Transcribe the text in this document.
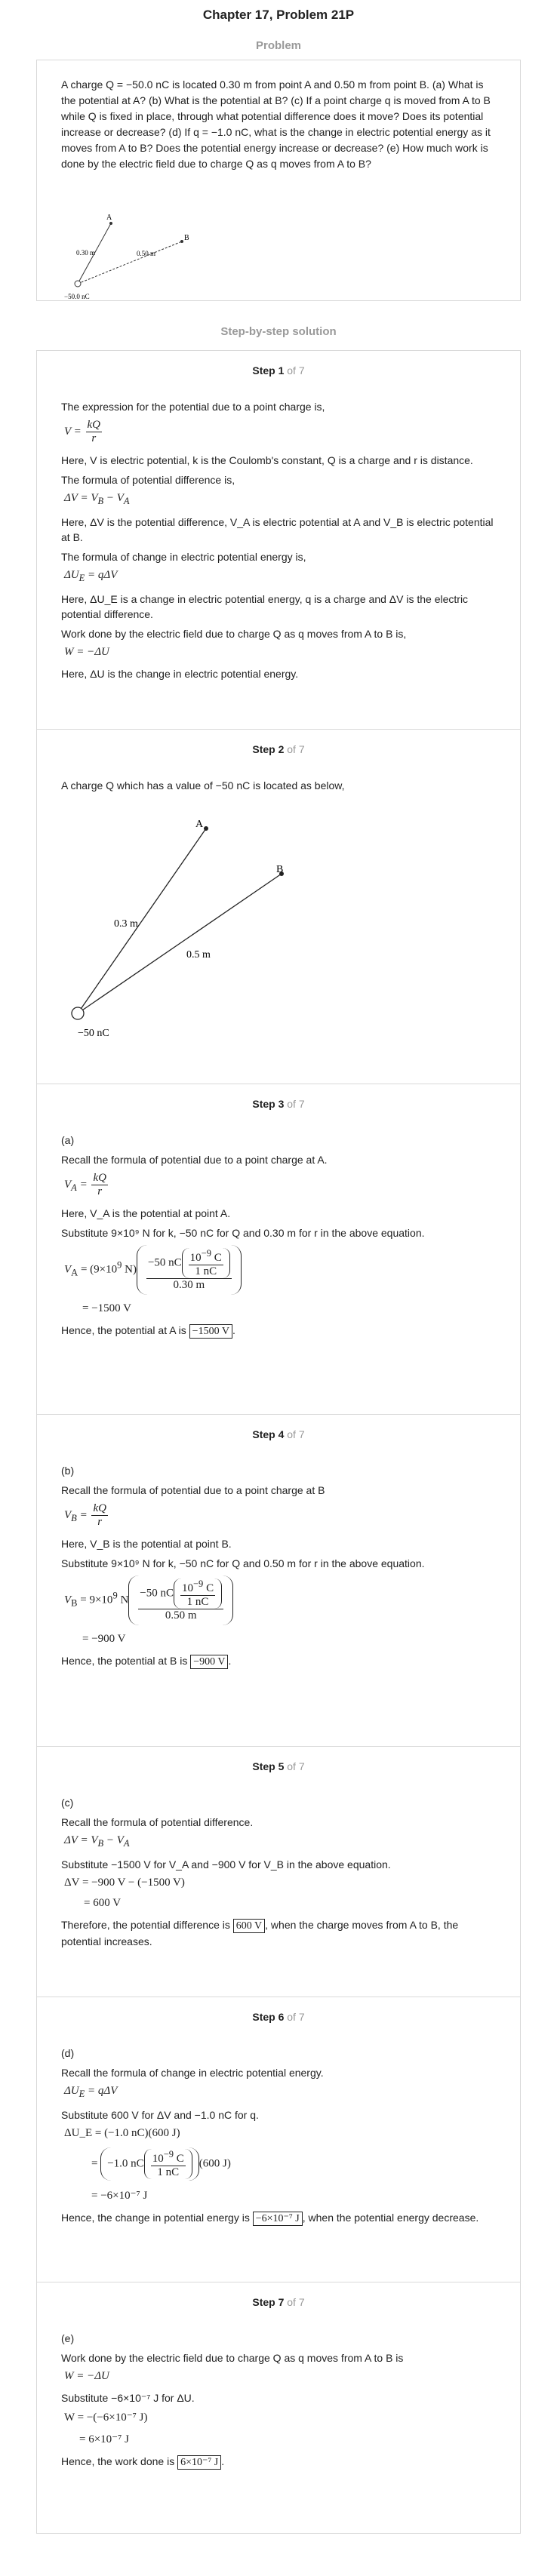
Chapter 17, Problem 21P
Problem

A charge Q = −50.0 nC is located 0.30 m from point A and 0.50 m from point B. (a) What is the potential at A? (b) What is the potential at B? (c) If a point charge q is moved from A to B while Q is fixed in place, through what potential difference does it move? Does its potential increase or decrease? (d) If q = −1.0 nC, what is the change in electric potential energy as it moves from A to B? Does the potential energy increase or decrease? (e) How much work is done by the electric field due to charge Q as q moves from A to B?

A
B
0.30 m	0.50 m
−50.0 nC
Step-by-step solution
Step 1 of 7
The expression for the potential due to a point charge is,
$V = \frac{kQ}{r}$
Here, V is electric potential, k is the Coulomb's constant, Q is a charge and r is distance.
The formula of potential difference is,
$\Delta V = V_B - V_A$
Here, ΔV is the potential difference, V_A is electric potential at A and V_B is electric potential at B.
The formula of change in electric potential energy is,
$\Delta U_E = q\Delta V$
Here, ΔU_E is a change in electric potential energy, q is a charge and ΔV is the electric potential difference.
Work done by the electric field due to charge Q as q moves from A to B is,
W = −ΔU
Here, ΔU is the change in electric potential energy.
Step 2 of 7
A charge Q which has a value of −50 nC is located as below,
A
B
0.3 m
0.5 m
−50 nC
Step 3 of 7
(a)
Recall the formula of potential due to a point charge at A.
$V_A = \frac{kQ}{r}$
Here, V_A is the potential at point A.
Substitute 9×10⁹ N for k, −50 nC for Q and 0.30 m for r in the above equation.
$V_A = (9\times 10^9$ $N) \frac{-50 nC \frac{10^{-9} C}{1 nC}}{0.30 m}$
= −1500 V
Hence, the potential at A is −1500 V .
Step 4 of 7
(b)
Recall the formula of potential due to a point charge at B
$V_B = \frac{kQ}{r}$
Here, V_B is the potential at point B.
Substitute 9×10⁹ N for k, −50 nC for Q and 0.50 m for r in the above equation.
$V_B = 9\times 10^9$ N $\frac{-50 nC \frac{10^{-9} C}{1 nC}}{0.50 m}$
= −900 V
Hence, the potential at B is −900 V .
Step 5 of 7
(c)
Recall the formula of potential difference.
$\Delta V = V_B - V_A$
Substitute −1500 V for V_A and −900 V for V_B in the above equation.
ΔV = −900 V − (−1500 V)
= 600 V
Therefore, the potential difference is 600 V , when the charge moves from A to B, the potential increases.
Step 6 of 7
(d)
Recall the formula of change in electric potential energy.
$\Delta U_E = q\Delta V$
Substitute 600 V for ΔV and −1.0 nC for q.
ΔU_E = (−1.0 nC)(600 J)
= −1.0 nC $\frac{10^{-9} C}{1 nC} (600$ J)
= −6×10⁻⁷ J
Hence, the change in potential energy is −6×10⁻⁷ J , when the potential energy decrease.
Step 7 of 7
(e)
Work done by the electric field due to charge Q as q moves from A to B is
W = −ΔU
Substitute −6×10⁻⁷ J for ΔU.
W = −(−6×10⁻⁷ J)
= 6×10⁻⁷ J
Hence, the work done is 6×10⁻⁷ J .
